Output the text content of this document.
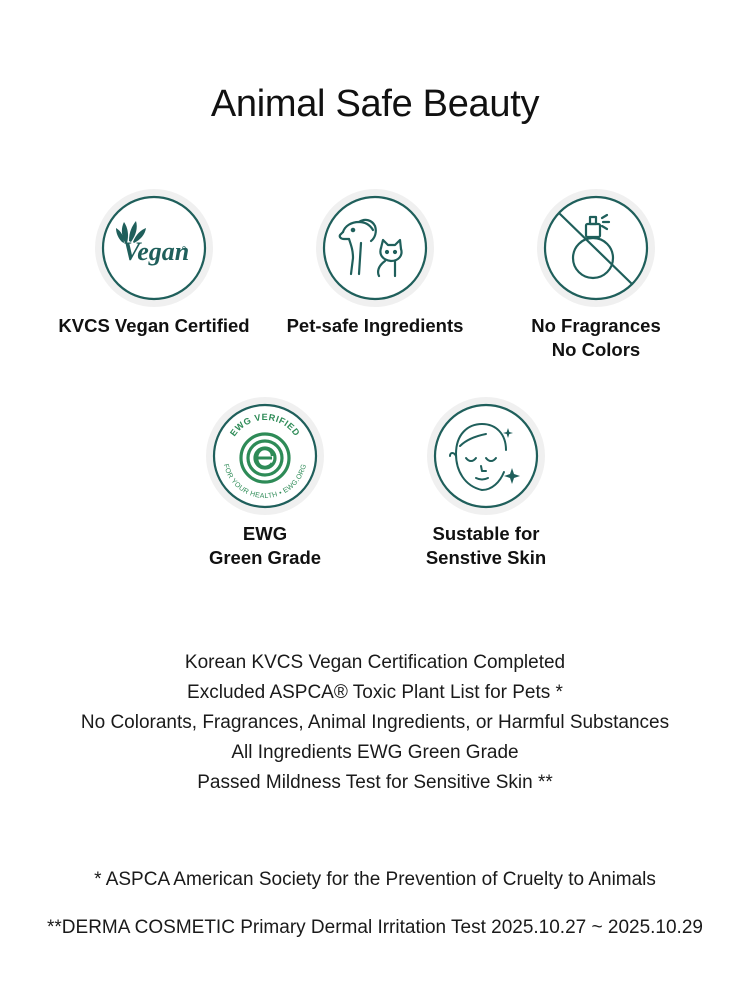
Animal Safe Beauty
Vegan
KVCS Vegan Certified	Pet-safe Ingredients	No Fragrances
No Colors
EWG VERIFIED
FOR YOUR HEALTH • EWG.ORG
EWG
Green Grade
Sustable for
Senstive Skin
Korean KVCS Vegan Certification Completed
Excluded ASPCA® Toxic Plant List for Pets *
No Colorants, Fragrances, Animal Ingredients, or Harmful Substances
All Ingredients EWG Green Grade
Passed Mildness Test for Sensitive Skin **
* ASPCA American Society for the Prevention of Cruelty to Animals
**DERMA COSMETIC Primary Dermal Irritation Test 2025.10.27 ~ 2025.10.29
